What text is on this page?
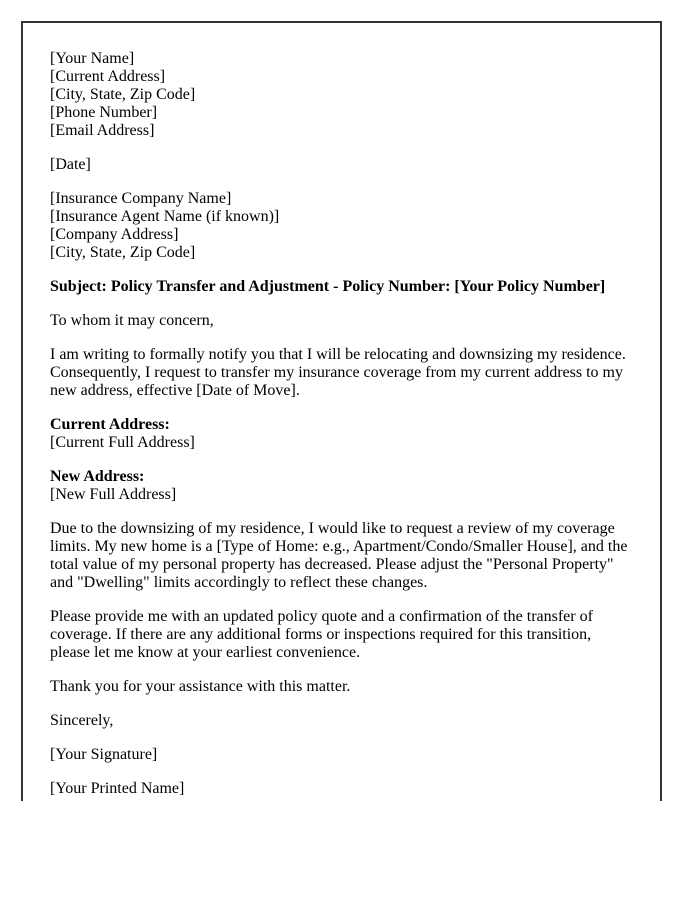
[Your Name]
[Current Address]
[City, State, Zip Code]
[Phone Number]
[Email Address]

[Date]

[Insurance Company Name]
[Insurance Agent Name (if known)]
[Company Address]
[City, State, Zip Code]

Subject: Policy Transfer and Adjustment - Policy Number: [Your Policy Number]

To whom it may concern,

I am writing to formally notify you that I will be relocating and downsizing my residence. Consequently, I request to transfer my insurance coverage from my current address to my new address, effective [Date of Move].

Current Address:
[Current Full Address]

New Address:
[New Full Address]

Due to the downsizing of my residence, I would like to request a review of my coverage limits. My new home is a [Type of Home: e.g., Apartment/Condo/Smaller House], and the total value of my personal property has decreased. Please adjust the "Personal Property" and "Dwelling" limits accordingly to reflect these changes.

Please provide me with an updated policy quote and a confirmation of the transfer of coverage. If there are any additional forms or inspections required for this transition, please let me know at your earliest convenience.

Thank you for your assistance with this matter.

Sincerely,

[Your Signature]

[Your Printed Name]
